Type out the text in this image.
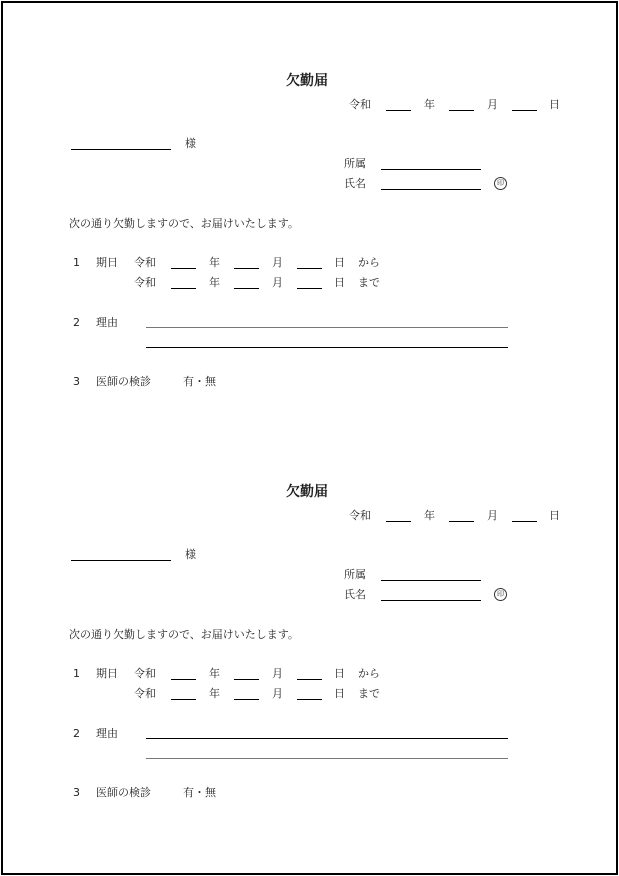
欠勤届
令和	年	月	日
様
所属
氏名	印
次の通り欠勤しますので、お届けいたします。
1 期日 令和	年	月	日 から
令和	年	月	日 まで
2 理由
3 医師の検診	有・無
欠勤届
令和	年	月	日
様
所属
氏名	印
次の通り欠勤しますので、お届けいたします。
1 期日 令和	年	月	日 から
令和	年	月	日 まで
2 理由
3 医師の検診	有・無
